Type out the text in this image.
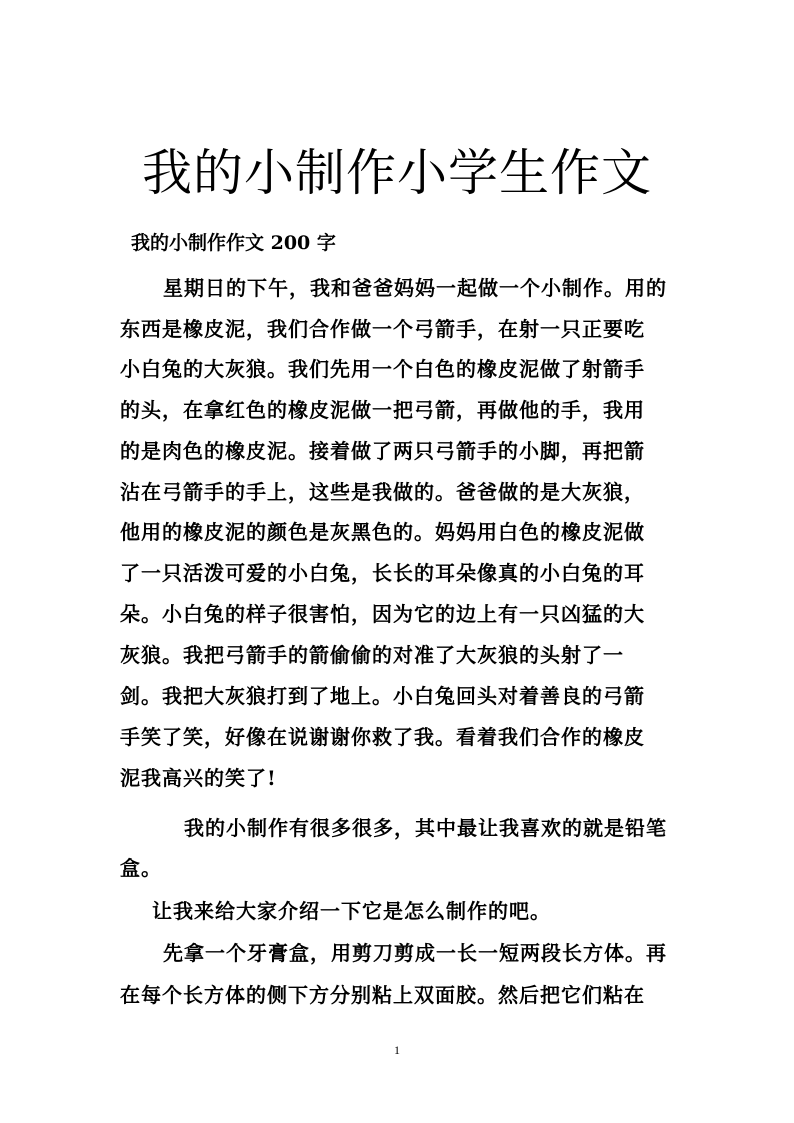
我的小制作小学生作文
我的小制作作文 200 字
星期日的下午，我和爸爸妈妈一起做一个小制作。用的
东西是橡皮泥，我们合作做一个弓箭手，在射一只正要吃
小白兔的大灰狼。我们先用一个白色的橡皮泥做了射箭手
的头，在拿红色的橡皮泥做一把弓箭，再做他的手，我用
的是肉色的橡皮泥。接着做了两只弓箭手的小脚，再把箭
沾在弓箭手的手上，这些是我做的。爸爸做的是大灰狼，
他用的橡皮泥的颜色是灰黑色的。妈妈用白色的橡皮泥做
了一只活泼可爱的小白兔，长长的耳朵像真的小白兔的耳
朵。小白兔的样子很害怕，因为它的边上有一只凶猛的大
灰狼。我把弓箭手的箭偷偷的对准了大灰狼的头射了一
剑。我把大灰狼打到了地上。小白兔回头对着善良的弓箭
手笑了笑，好像在说谢谢你救了我。看着我们合作的橡皮
泥我高兴的笑了!
我的小制作有很多很多，其中最让我喜欢的就是铅笔
盒。
让我来给大家介绍一下它是怎么制作的吧。
先拿一个牙膏盒，用剪刀剪成一长一短两段长方体。再
在每个长方体的侧下方分别粘上双面胶。然后把它们粘在
1
